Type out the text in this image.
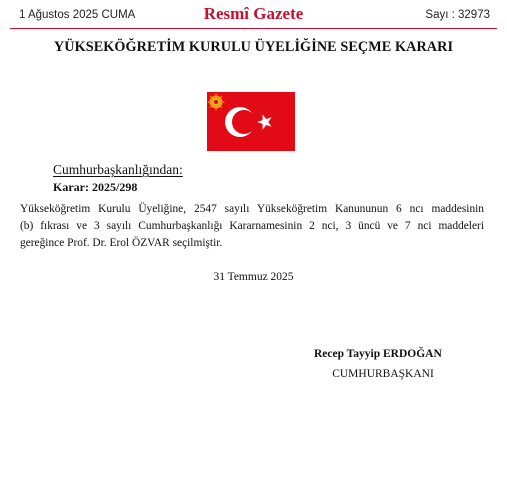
1 Ağustos 2025 CUMA	Resmî Gazete	Sayı : 32973
YÜKSEKÖĞRETİM KURULU ÜYELİĞİNE SEÇME KARARI
Cumhurbaşkanlığından:
Karar: 2025/298
Yükseköğretim Kurulu Üyeliğine, 2547 sayılı Yükseköğretim Kanununun 6 ncı maddesinin
(b) fıkrası ve 3 sayılı Cumhurbaşkanlığı Kararnamesinin 2 nci, 3 üncü ve 7 nci maddeleri
gereğince Prof. Dr. Erol ÖZVAR seçilmiştir.
31 Temmuz 2025
Recep Tayyip ERDOĞAN
CUMHURBAŞKANI
